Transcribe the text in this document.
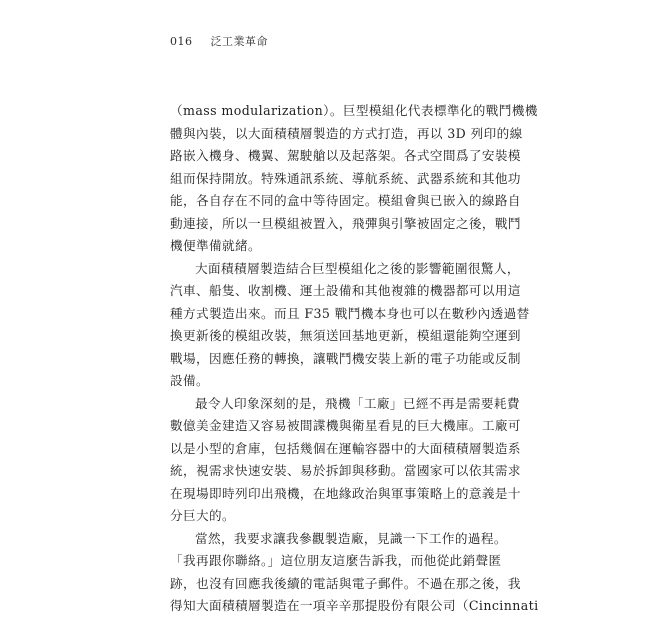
016 泛工業革命
（mass modularization）。巨型模組化代表標準化的戰鬥機機
體與內裝，以大面積積層製造的方式打造，再以 3D 列印的線
路嵌入機身、機翼、駕駛艙以及起落架。各式空間爲了安裝模
組而保持開放。特殊通訊系統、導航系統、武器系統和其他功
能，各自存在不同的盒中等待固定。模組會與已嵌入的線路自
動連接，所以一旦模組被置入，飛彈與引擎被固定之後，戰鬥
機便準備就緒。
大面積積層製造結合巨型模組化之後的影響範圍很驚人，
汽車、船隻、收割機、運土設備和其他複雜的機器都可以用這
種方式製造出來。而且 F35 戰鬥機本身也可以在數秒內透過替
換更新後的模組改裝，無須送回基地更新，模組還能夠空運到
戰場，因應任務的轉換，讓戰鬥機安裝上新的電子功能或反制
設備。
最令人印象深刻的是，飛機「工廠」已經不再是需要耗費
數億美金建造又容易被間諜機與衛星看見的巨大機庫。工廠可
以是小型的倉庫，包括幾個在運輸容器中的大面積積層製造系
統，視需求快速安裝、易於拆卸與移動。當國家可以依其需求
在現場即時列印出飛機，在地緣政治與軍事策略上的意義是十
分巨大的。
當然，我要求讓我參觀製造廠，見識一下工作的過程。
「我再跟你聯絡。」這位朋友這麼告訴我，而他從此銷聲匿
跡，也沒有回應我後續的電話與電子郵件。不過在那之後，我
得知大面積積層製造在一項辛辛那提股份有限公司（Cincinnati
